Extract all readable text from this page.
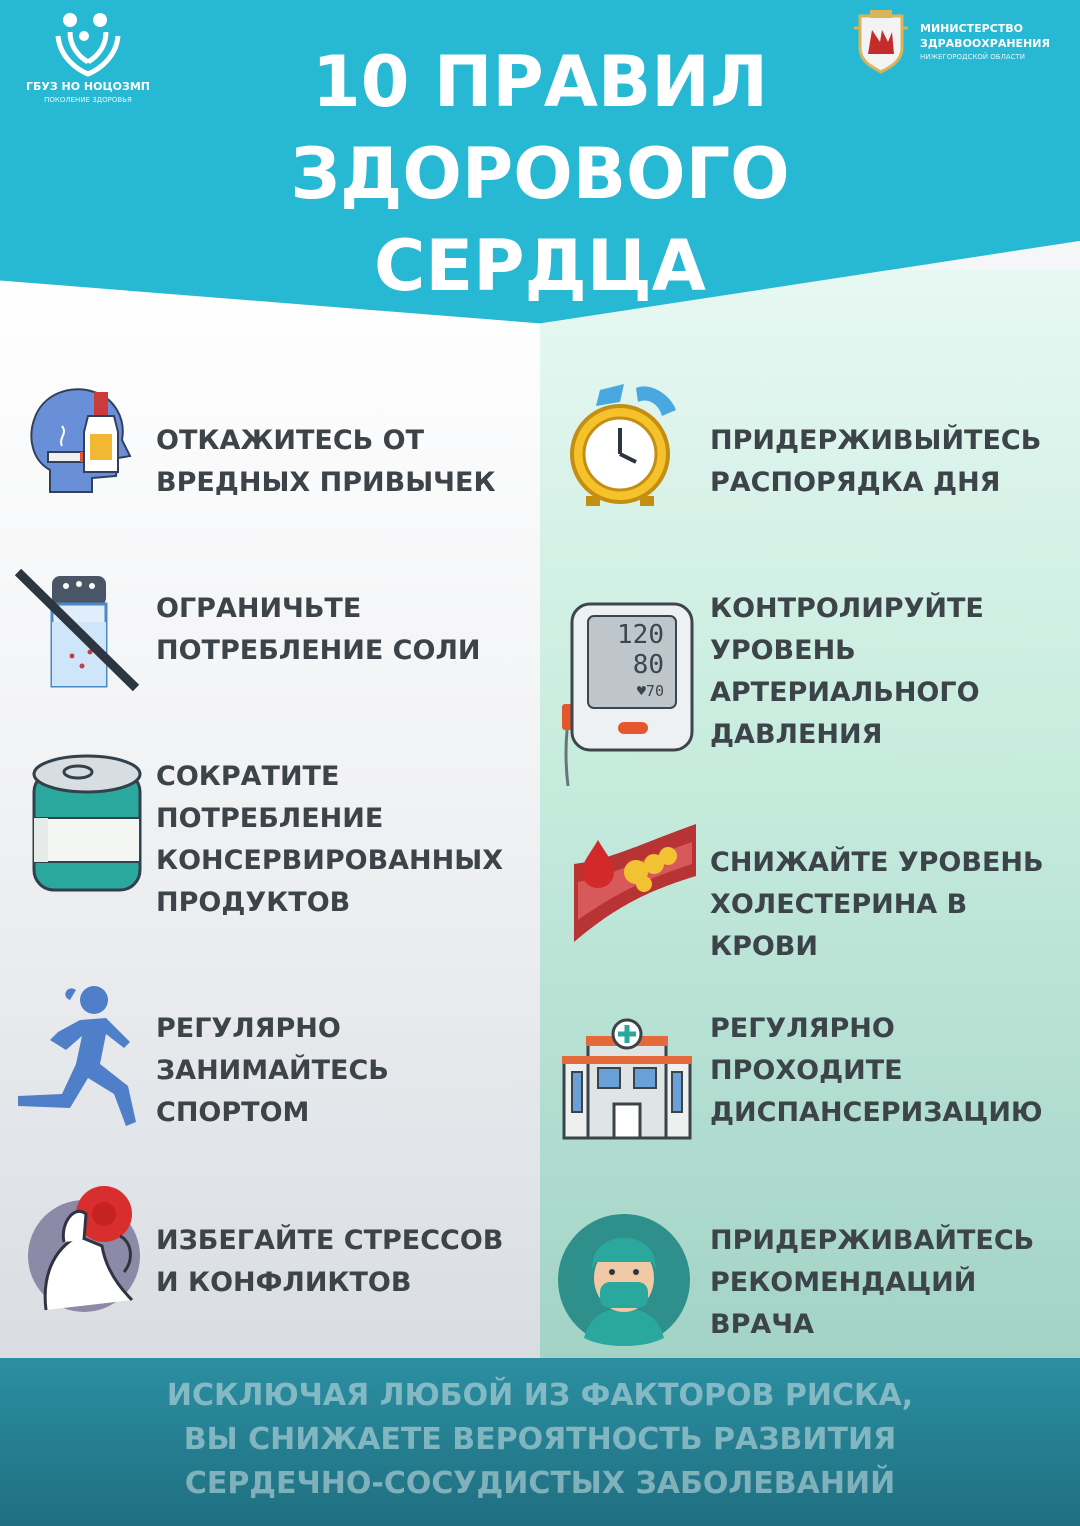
ГБУЗ НО НОЦОЗМП
ПОКОЛЕНИЕ ЗДОРОВЬЯ
МИНИСТЕРСТВО
ЗДРАВООХРАНЕНИЯ
НИЖЕГОРОДСКОЙ ОБЛАСТИ
10 ПРАВИЛ
ЗДОРОВОГО
СЕРДЦА
ОТКАЖИТЕСЬ ОТ
ВРЕДНЫХ ПРИВЫЧЕК
ОГРАНИЧЬТЕ
ПОТРЕБЛЕНИЕ СОЛИ
СОКРАТИТЕ
ПОТРЕБЛЕНИЕ
КОНСЕРВИРОВАННЫХ
ПРОДУКТОВ
РЕГУЛЯРНО
ЗАНИМАЙТЕСЬ
СПОРТОМ
ИЗБЕГАЙТЕ СТРЕССОВ
И КОНФЛИКТОВ
ПРИДЕРЖИВЫЙТЕСЬ
РАСПОРЯДКА ДНЯ
120
80
♥70
КОНТРОЛИРУЙТЕ
УРОВЕНЬ
АРТЕРИАЛЬНОГО
ДАВЛЕНИЯ
СНИЖАЙТЕ УРОВЕНЬ
ХОЛЕСТЕРИНА В КРОВИ
РЕГУЛЯРНО
ПРОХОДИТЕ
ДИСПАНСЕРИЗАЦИЮ
ПРИДЕРЖИВАЙТЕСЬ
РЕКОМЕНДАЦИЙ
ВРАЧА
ИСКЛЮЧАЯ ЛЮБОЙ ИЗ ФАКТОРОВ РИСКА,
ВЫ СНИЖАЕТЕ ВЕРОЯТНОСТЬ РАЗВИТИЯ
СЕРДЕЧНО-СОСУДИСТЫХ ЗАБОЛЕВАНИЙ
